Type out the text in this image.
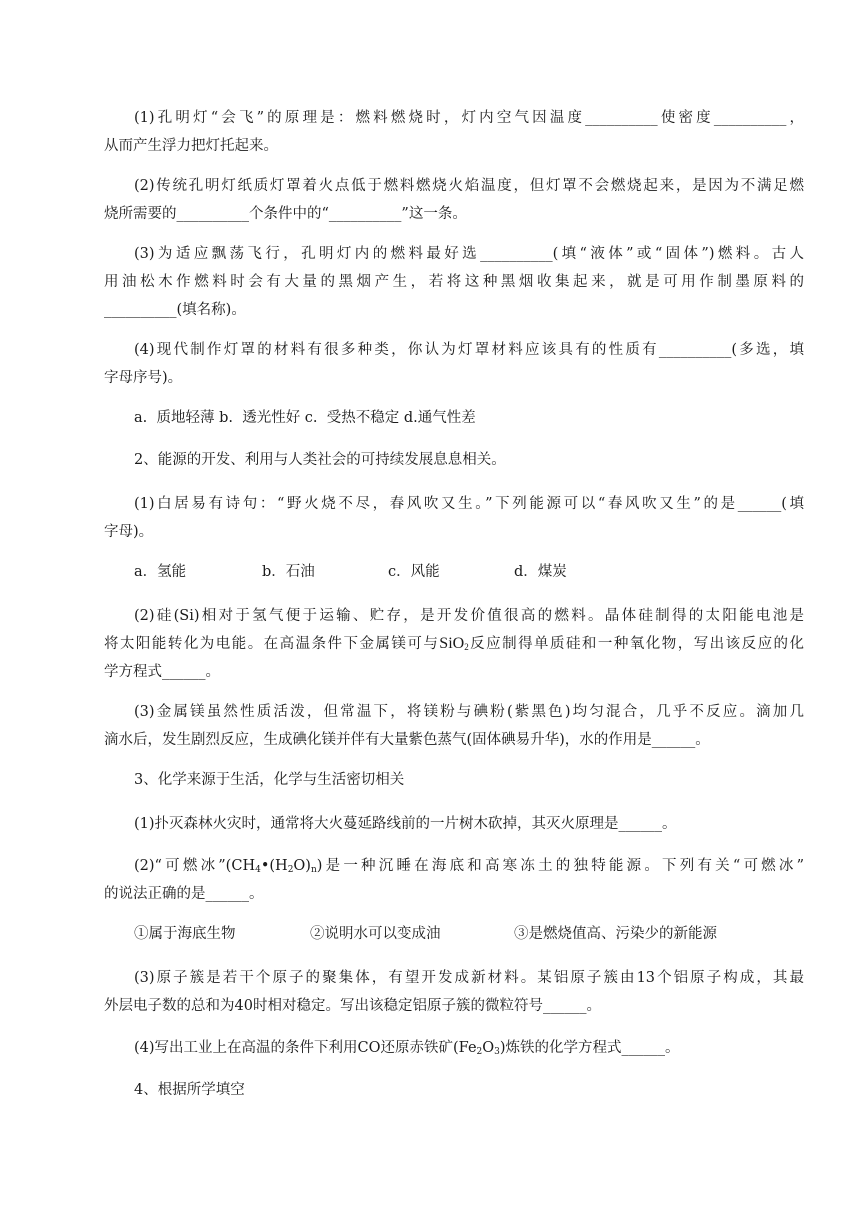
(1)孔明灯“会飞”的原理是：燃料燃烧时，灯内空气因温度__________使密度__________，
从而产生浮力把灯托起来。
(2)传统孔明灯纸质灯罩着火点低于燃料燃烧火焰温度，但灯罩不会燃烧起来，是因为不满足燃
烧所需要的__________个条件中的“__________”这一条。
(3)为适应飘荡飞行，孔明灯内的燃料最好选__________(填“液体”或“固体”)燃料。古人
用油松木作燃料时会有大量的黑烟产生，若将这种黑烟收集起来，就是可用作制墨原料的
__________(填名称)。
(4)现代制作灯罩的材料有很多种类，你认为灯罩材料应该具有的性质有__________(多选，填
字母序号)。
a.  质地轻薄 b.  透光性好 c.  受热不稳定 d.通气性差
2、能源的开发、利用与人类社会的可持续发展息息相关。
(1)白居易有诗句：“野火烧不尽，春风吹又生。”下列能源可以“春风吹又生”的是______(填
字母)。
a．氢能	b．石油	c．风能	d．煤炭
(2)硅(Si)相对于氢气便于运输、贮存，是开发价值很高的燃料。晶体硅制得的太阳能电池是
将太阳能转化为电能。在高温条件下金属镁可与SiO$_2$反应制得单质硅和一种氧化物，写出该反应的化
学方程式______。
(3)金属镁虽然性质活泼，但常温下，将镁粉与碘粉(紫黑色)均匀混合，几乎不反应。滴加几
滴水后，发生剧烈反应，生成碘化镁并伴有大量紫色蒸气(固体碘易升华)，水的作用是______。
3、化学来源于生活，化学与生活密切相关
(1)扑灭森林火灾时，通常将大火蔓延路线前的一片树木砍掉，其灭火原理是______。
(2)“可燃冰$”(CH_4•(H_2O)_n)$是一种沉睡在海底和高寒冻土的独特能源。下列有关“可燃冰”
的说法正确的是______。
①属于海底生物	②说明水可以变成油	③是燃烧值高、污染少的新能源
(3)原子簇是若干个原子的聚集体，有望开发成新材料。某铝原子簇由13个铝原子构成，其最
外层电子数的总和为40时相对稳定。写出该稳定铝原子簇的微粒符号______。
(4)写出工业上在高温的条件下利用CO还原赤铁矿$(Fe_2O_3)$炼铁的化学方程式______。
4、根据所学填空
